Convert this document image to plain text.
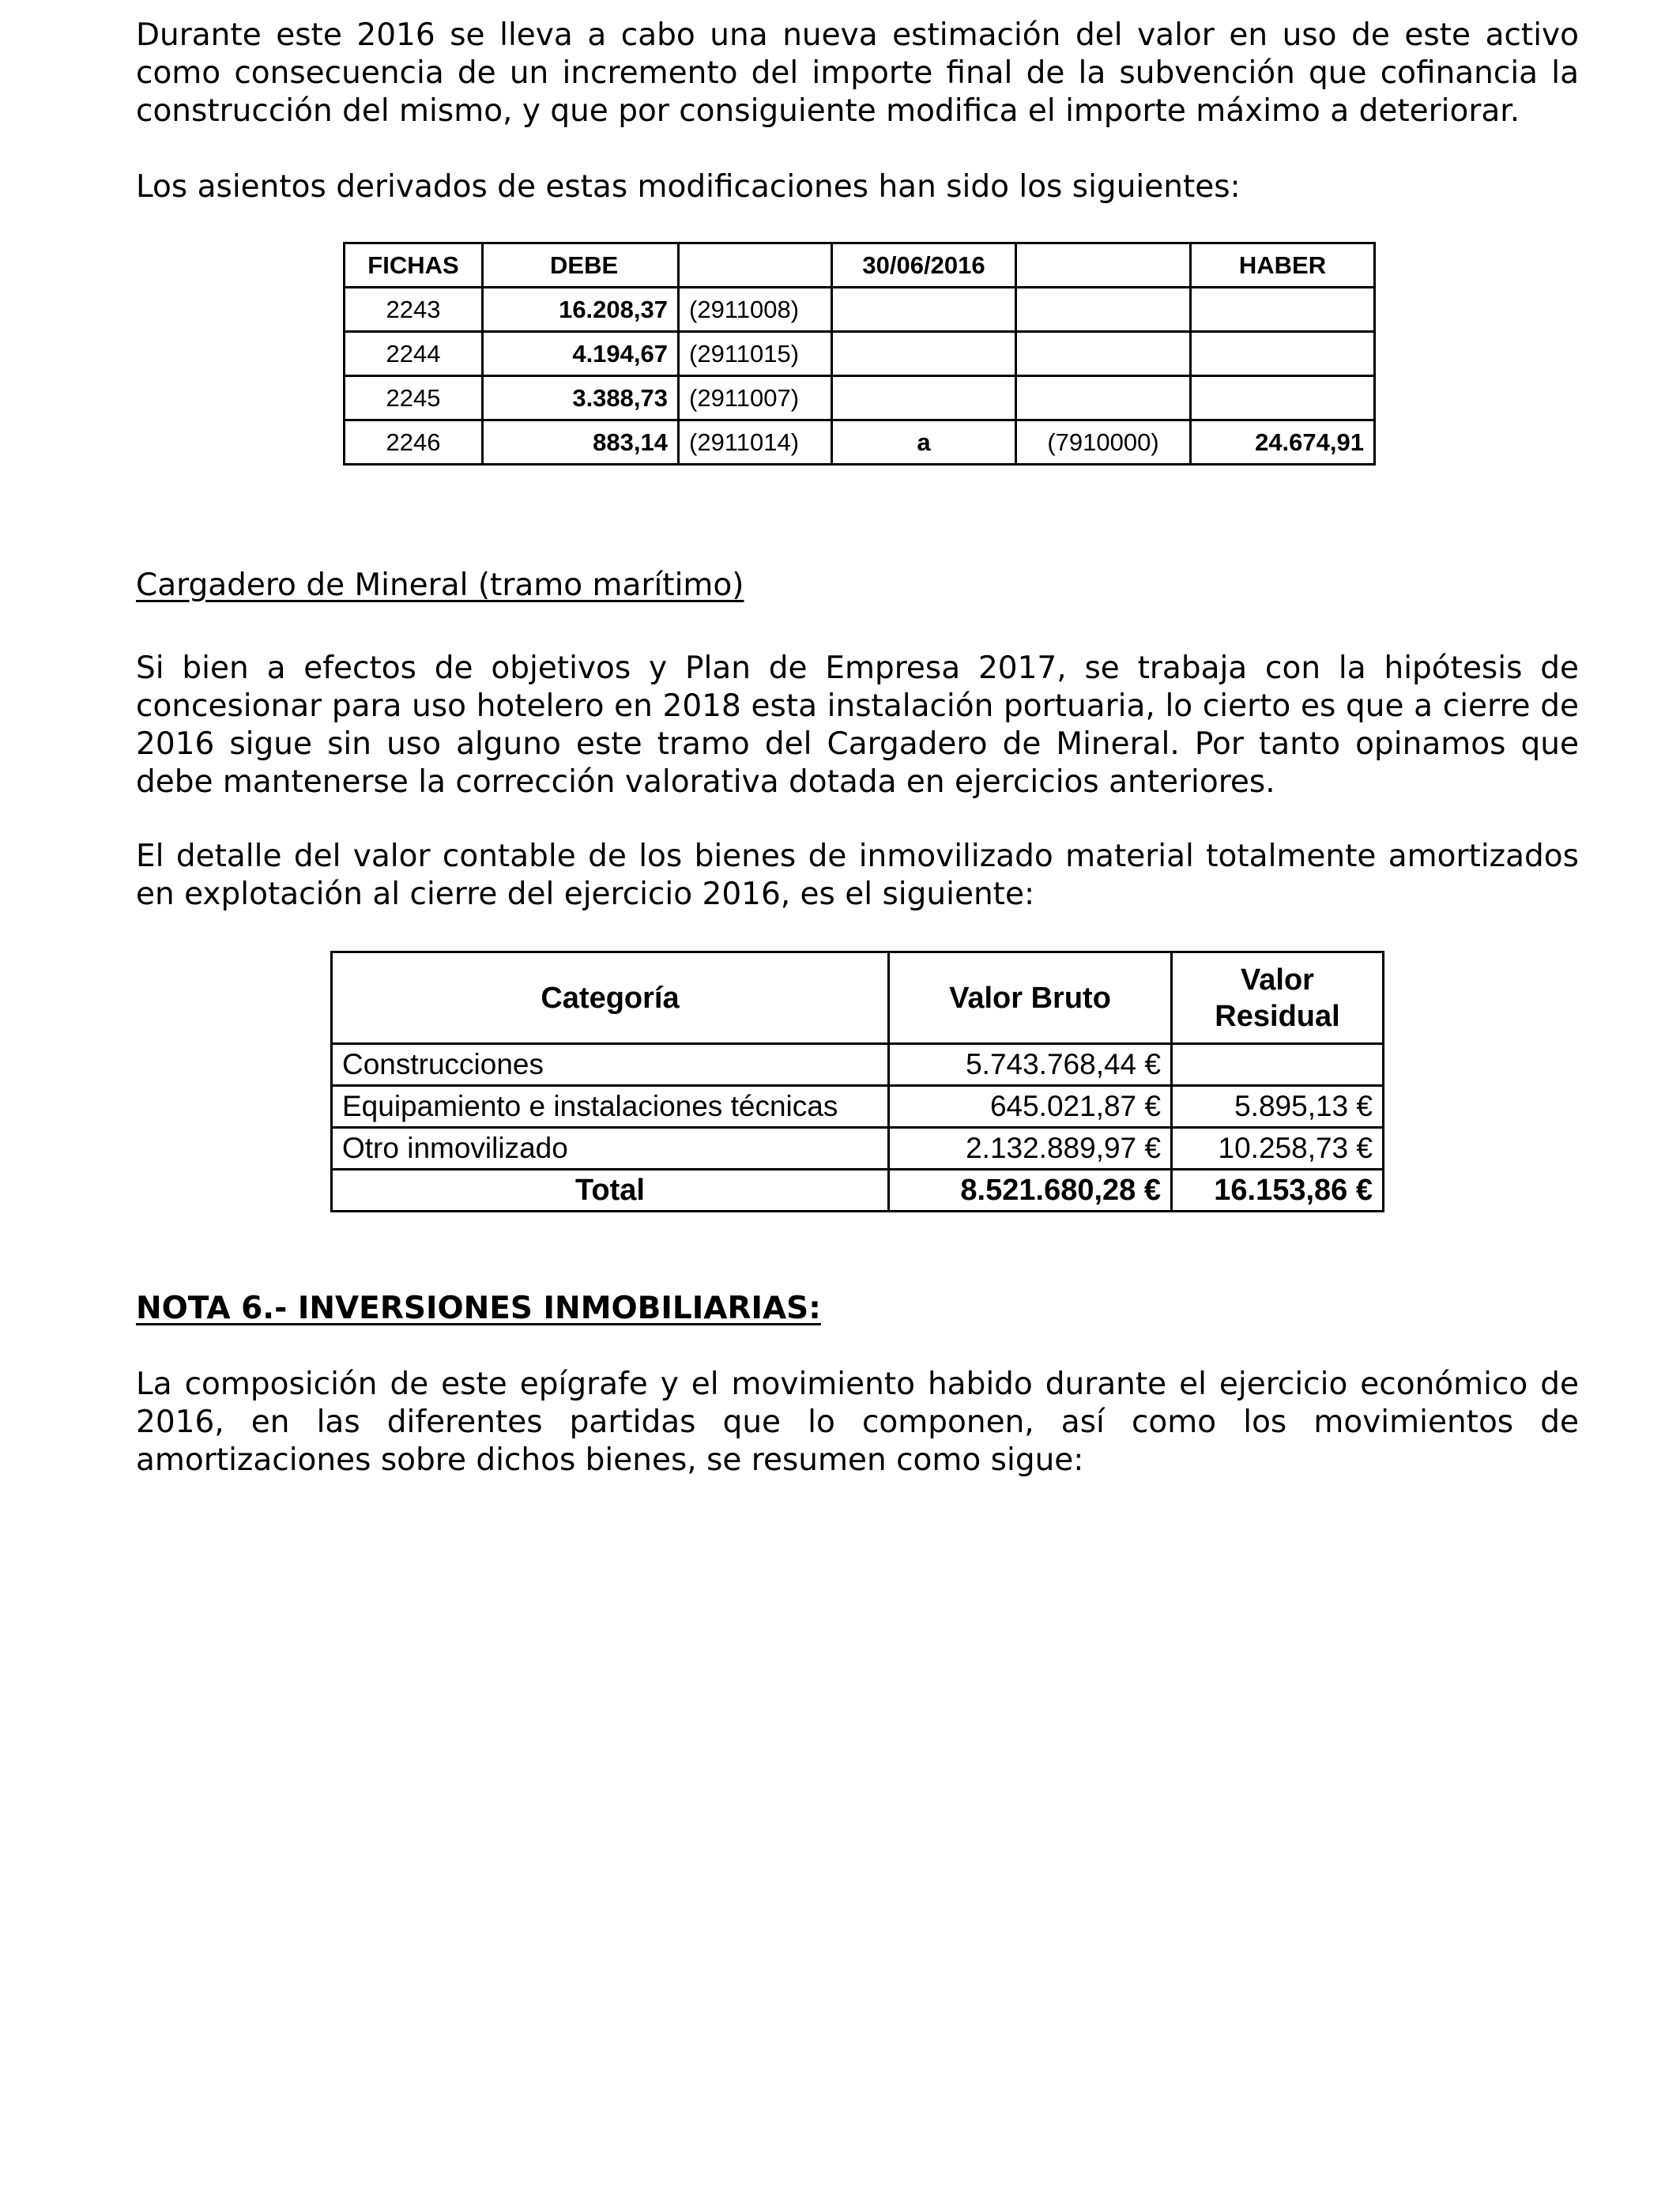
Durante este 2016 se lleva a cabo una nueva estimación del valor en uso de este activo como consecuencia de un incremento del importe final de la subvención que cofinancia la construcción del mismo, y que por consiguiente modifica el importe máximo a deteriorar.

Los asientos derivados de estas modificaciones han sido los siguientes:

FICHAS	DEBE		30/06/2016		HABER
2243	16.208,37	(2911008)			
2244	4.194,67	(2911015)			
2245	3.388,73	(2911007)			
2246	883,14	(2911014)	a	(7910000)	24.674,91

Cargadero de Mineral (tramo marítimo)

Si bien a efectos de objetivos y Plan de Empresa 2017, se trabaja con la hipótesis de concesionar para uso hotelero en 2018 esta instalación portuaria, lo cierto es que a cierre de 2016 sigue sin uso alguno este tramo del Cargadero de Mineral. Por tanto opinamos que debe mantenerse la corrección valorativa dotada en ejercicios anteriores.

El detalle del valor contable de los bienes de inmovilizado material totalmente amortizados en explotación al cierre del ejercicio 2016, es el siguiente:

Categoría	Valor Bruto	Valor
Residual
Construcciones	5.743.768,44 €	
Equipamiento e instalaciones técnicas	645.021,87 €	5.895,13 €
Otro inmovilizado	2.132.889,97 €	10.258,73 €
Total	8.521.680,28 €	16.153,86 €

NOTA 6.- INVERSIONES INMOBILIARIAS:

La composición de este epígrafe y el movimiento habido durante el ejercicio económico de 2016, en las diferentes partidas que lo componen, así como los movimientos de amortizaciones sobre dichos bienes, se resumen como sigue:
